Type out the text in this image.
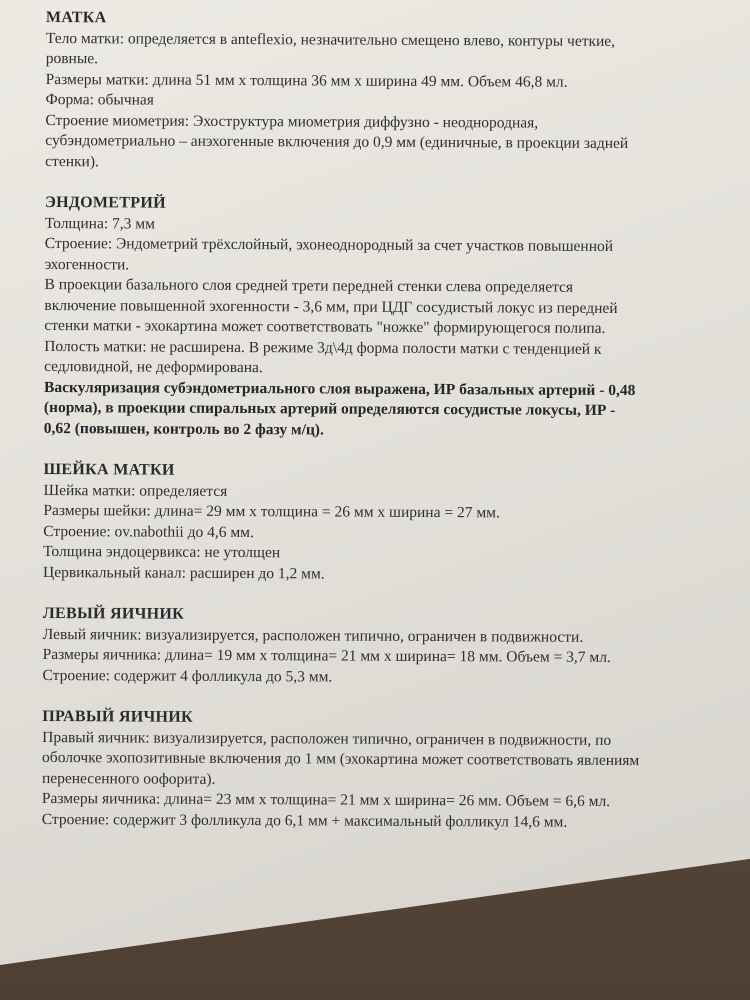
МАТКА
Тело матки: определяется в anteflexio, незначительно смещено влево, контуры четкие,
ровные.
Размеры матки: длина 51 мм х толщина 36 мм х ширина 49 мм. Объем 46,8 мл.
Форма: обычная
Строение миометрия: Эхоструктура миометрия диффузно - неоднородная,
субэндометриально – анэхогенные включения до 0,9 мм (единичные, в проекции задней
стенки).
ЭНДОМЕТРИЙ
Толщина: 7,3 мм
Строение: Эндометрий трёхслойный, эхонеоднородный за счет участков повышенной
эхогенности.
В проекции базального слоя средней трети передней стенки слева определяется
включение повышенной эхогенности - 3,6 мм, при ЦДГ сосудистый локус из передней
стенки матки - эхокартина может соответствовать "ножке" формирующегося полипа.
Полость матки: не расширена. В режиме 3д\4д форма полости матки с тенденцией к
седловидной, не деформирована.
Васкуляризация субэндометриального слоя выражена, ИР базальных артерий - 0,48
(норма), в проекции спиральных артерий определяются сосудистые локусы, ИР -
0,62 (повышен, контроль во 2 фазу м/ц).
ШЕЙКА МАТКИ
Шейка матки: определяется
Размеры шейки: длина= 29 мм х толщина = 26 мм х ширина = 27 мм.
Строение: ov.nabothii до 4,6 мм.
Толщина эндоцервикса: не утолщен
Цервикальный канал: расширен до 1,2 мм.
ЛЕВЫЙ ЯИЧНИК
Левый яичник: визуализируется, расположен типично, ограничен в подвижности.
Размеры яичника: длина= 19 мм х толщина= 21 мм х ширина= 18 мм. Объем = 3,7 мл.
Строение: содержит 4 фолликула до 5,3 мм.
ПРАВЫЙ ЯИЧНИК
Правый яичник: визуализируется, расположен типично, ограничен в подвижности, по
оболочке эхопозитивные включения до 1 мм (эхокартина может соответствовать явлениям
перенесенного оофорита).
Размеры яичника: длина= 23 мм х толщина= 21 мм х ширина= 26 мм. Объем = 6,6 мл.
Строение: содержит 3 фолликула до 6,1 мм + максимальный фолликул 14,6 мм.
